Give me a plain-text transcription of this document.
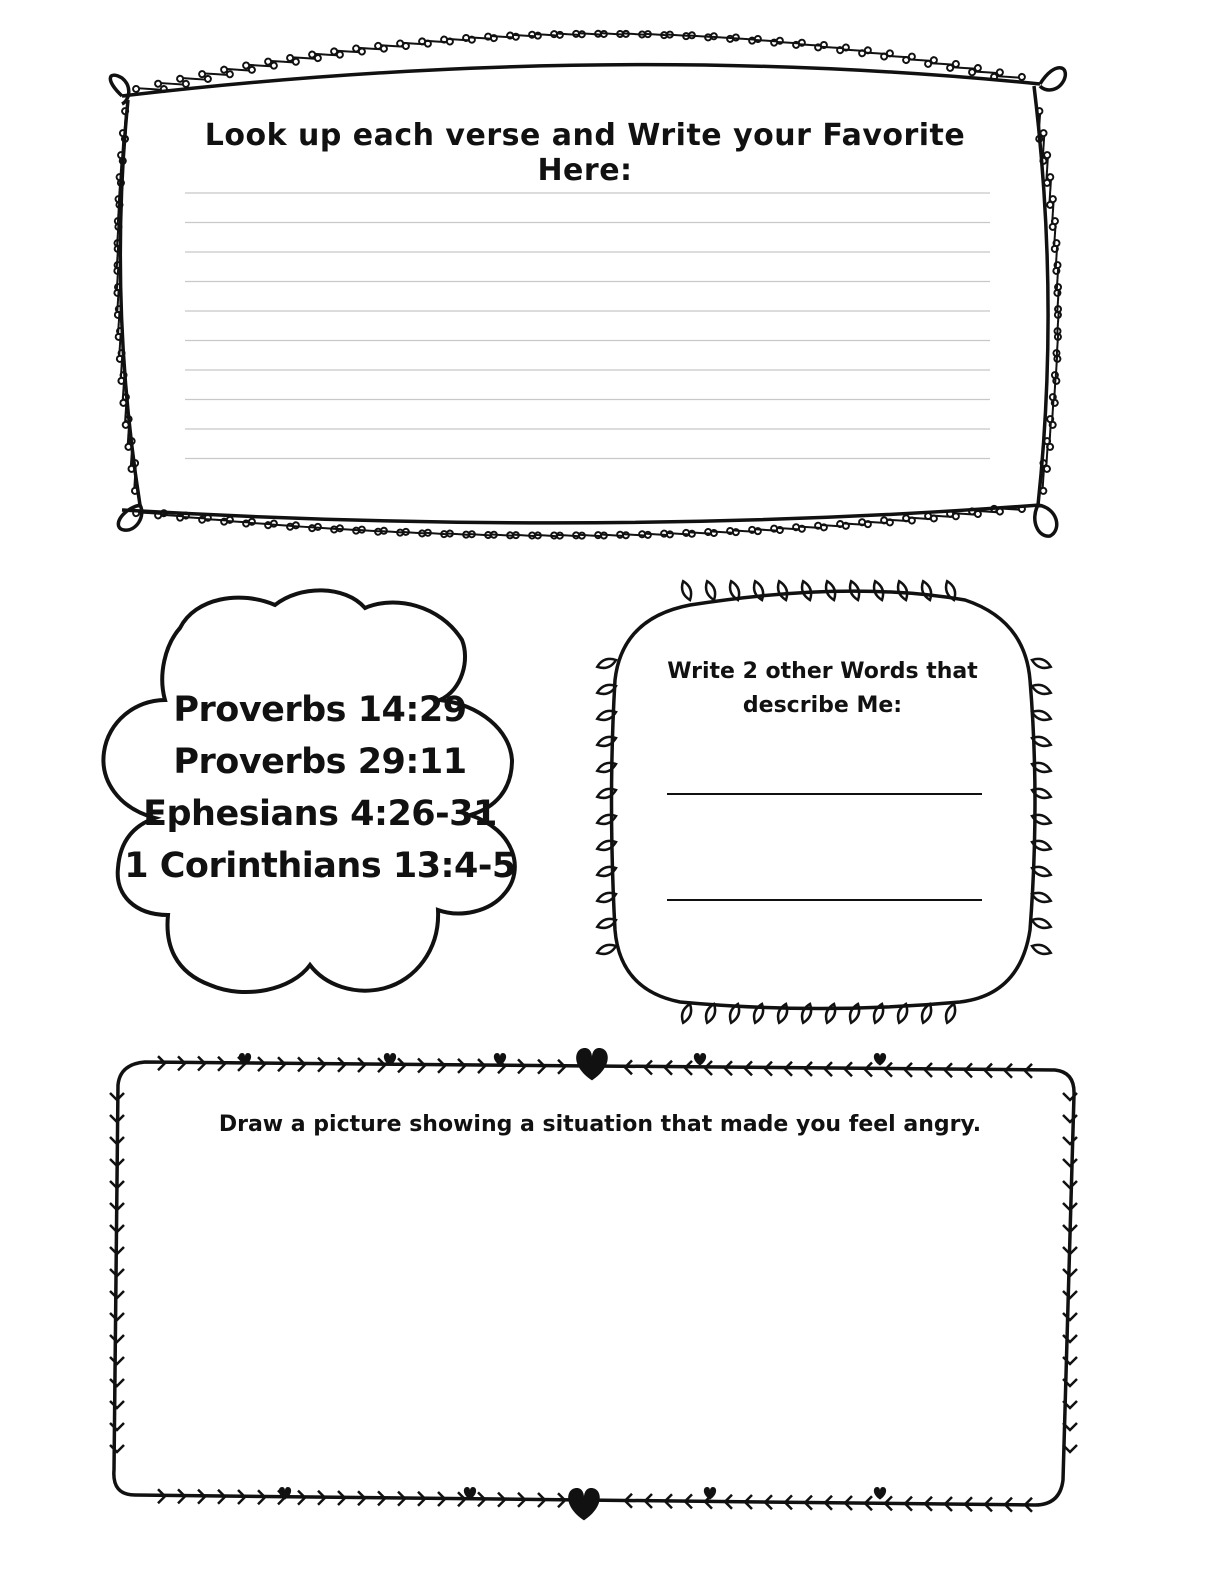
Look up each verse and Write your Favorite Here:
Proverbs 14:29
Proverbs 29:11
Ephesians 4:26-31
1 Corinthians 13:4-5
Write 2 other Words that
describe Me:
Draw a picture showing a situation that made you feel angry.
